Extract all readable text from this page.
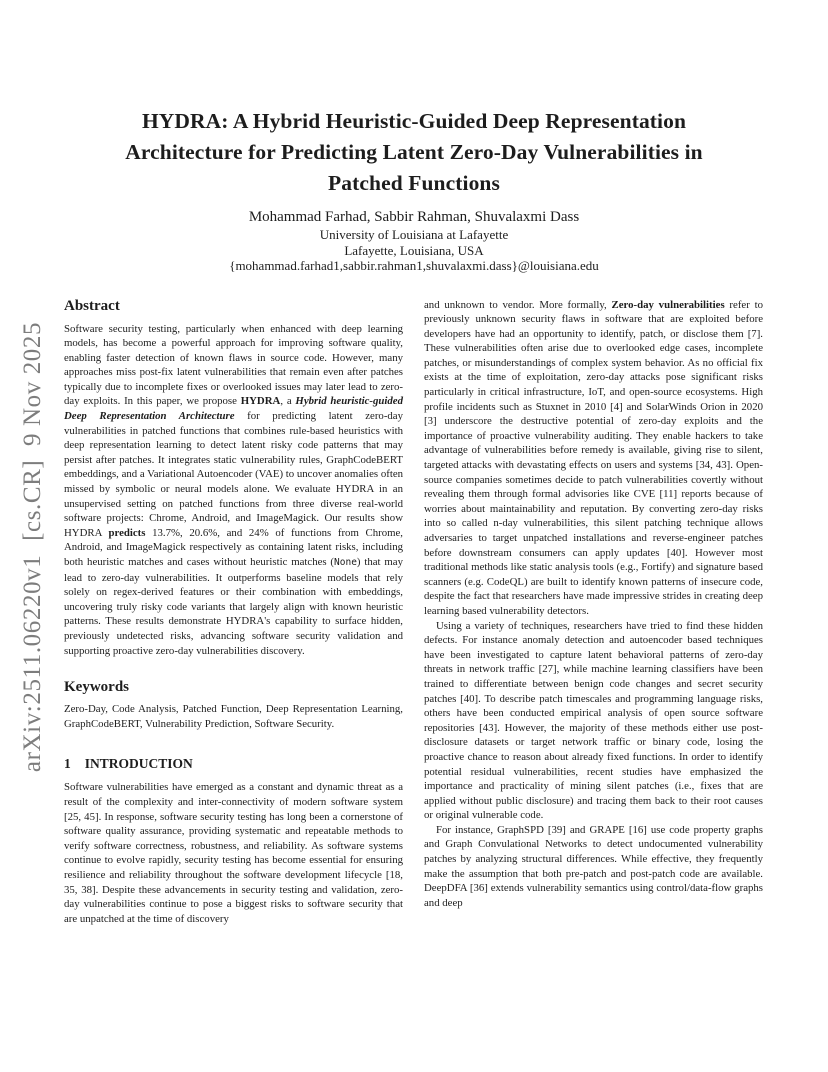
arXiv:2511.06220v1  [cs.CR]  9 Nov 2025
HYDRA: A Hybrid Heuristic-Guided Deep Representation
Architecture for Predicting Latent Zero-Day Vulnerabilities in
Patched Functions
Mohammad Farhad, Sabbir Rahman, Shuvalaxmi Dass
University of Louisiana at Lafayette
Lafayette, Louisiana, USA
{mohammad.farhad1,sabbir.rahman1,shuvalaxmi.dass}@louisiana.edu
Abstract

Software security testing, particularly when enhanced with deep learning models, has become a powerful approach for improving software quality, enabling faster detection of known flaws in source code. However, many approaches miss post-fix latent vulnerabilities that remain even after patches typically due to incomplete fixes or overlooked issues may later lead to zero-day exploits. In this paper, we propose HYDRA, a Hybrid heuristic-guided Deep Representation Architecture for predicting latent zero-day vulnerabilities in patched functions that combines rule-based heuristics with deep representation learning to detect latent risky code patterns that may persist after patches. It integrates static vulnerability rules, GraphCodeBERT embeddings, and a Variational Autoencoder (VAE) to uncover anomalies often missed by symbolic or neural models alone. We evaluate HYDRA in an unsupervised setting on patched functions from three diverse real-world software projects: Chrome, Android, and ImageMagick. Our results show HYDRA predicts 13.7%, 20.6%, and 24% of functions from Chrome, Android, and ImageMagick respectively as containing latent risks, including both heuristic matches and cases without heuristic matches (None) that may lead to zero-day vulnerabilities. It outperforms baseline models that rely solely on regex-derived features or their combination with embeddings, uncovering truly risky code variants that largely align with known heuristic patterns. These results demonstrate HYDRA's capability to surface hidden, previously undetected risks, advancing software security validation and supporting proactive zero-day vulnerabilities discovery.

Keywords

Zero-Day, Code Analysis, Patched Function, Deep Representation Learning, GraphCodeBERT, Vulnerability Prediction, Software Security.

1 INTRODUCTION

Software vulnerabilities have emerged as a constant and dynamic threat as a result of the complexity and inter-connectivity of modern software system [25, 45]. In response, software security testing has long been a cornerstone of software quality assurance, providing systematic and repeatable methods to verify software correctness, robustness, and reliability. As software systems continue to evolve rapidly, security testing has become essential for ensuring resilience and reliability throughout the software development lifecycle [18, 35, 38]. Despite these advancements in security testing and validation, zero-day vulnerabilities continue to pose a biggest risks to software security that are unpatched at the time of discovery

and unknown to vendor. More formally, Zero-day vulnerabilities refer to previously unknown security flaws in software that are exploited before developers have had an opportunity to identify, patch, or disclose them [7]. These vulnerabilities often arise due to overlooked edge cases, incomplete patches, or misunderstandings of complex system behavior. As no official fix exists at the time of exploitation, zero-day attacks pose significant risks particularly in critical infrastructure, IoT, and open-source ecosystems. High profile incidents such as Stuxnet in 2010 [4] and SolarWinds Orion in 2020 [3] underscore the destructive potential of zero-day exploits and the importance of proactive vulnerability auditing. They enable hackers to take advantage of vulnerabilities before remedy is available, giving rise to silent, targeted attacks with devastating effects on users and systems [34, 43]. Open-source companies sometimes decide to patch vulnerabilities covertly without revealing them through formal advisories like CVE [11] reports because of worries about maintainability and reputation. By converting zero-day risks into so called n-day vulnerabilities, this silent patching technique allows adversaries to target unpatched installations and reverse-engineer patches before downstream consumers can apply updates [40]. However most traditional methods like static analysis tools (e.g., Fortify) and signature based scanners (e.g. CodeQL) are built to identify known patterns of insecure code, despite the fact that researchers have made impressive strides in creating deep learning based vulnerability detectors.

Using a variety of techniques, researchers have tried to find these hidden defects. For instance anomaly detection and autoencoder based techniques have been investigated to capture latent behavioral patterns of zero-day threats in network traffic [27], while machine learning classifiers have been trained to differentiate between benign code changes and secret security patches [40]. To describe patch timescales and programming language risks, others have been conducted empirical analysis of open source software repositories [43]. However, the majority of these methods either use post-disclosure datasets or target network traffic or binary code, losing the proactive chance to reason about already fixed functions. In order to identify potential residual vulnerabilities, recent studies have emphasized the importance and practicality of mining silent patches (i.e., fixes that are applied without public disclosure) and tracing them back to their root causes or original vulnerable code.

For instance, GraphSPD [39] and GRAPE [16] use code property graphs and Graph Convulational Networks to detect undocumented vulnerability patches by analyzing structural differences. While effective, they frequently make the assumption that both pre-patch and post-patch code are available. DeepDFA [36] extends vulnerability semantics using control/data-flow graphs and deep
